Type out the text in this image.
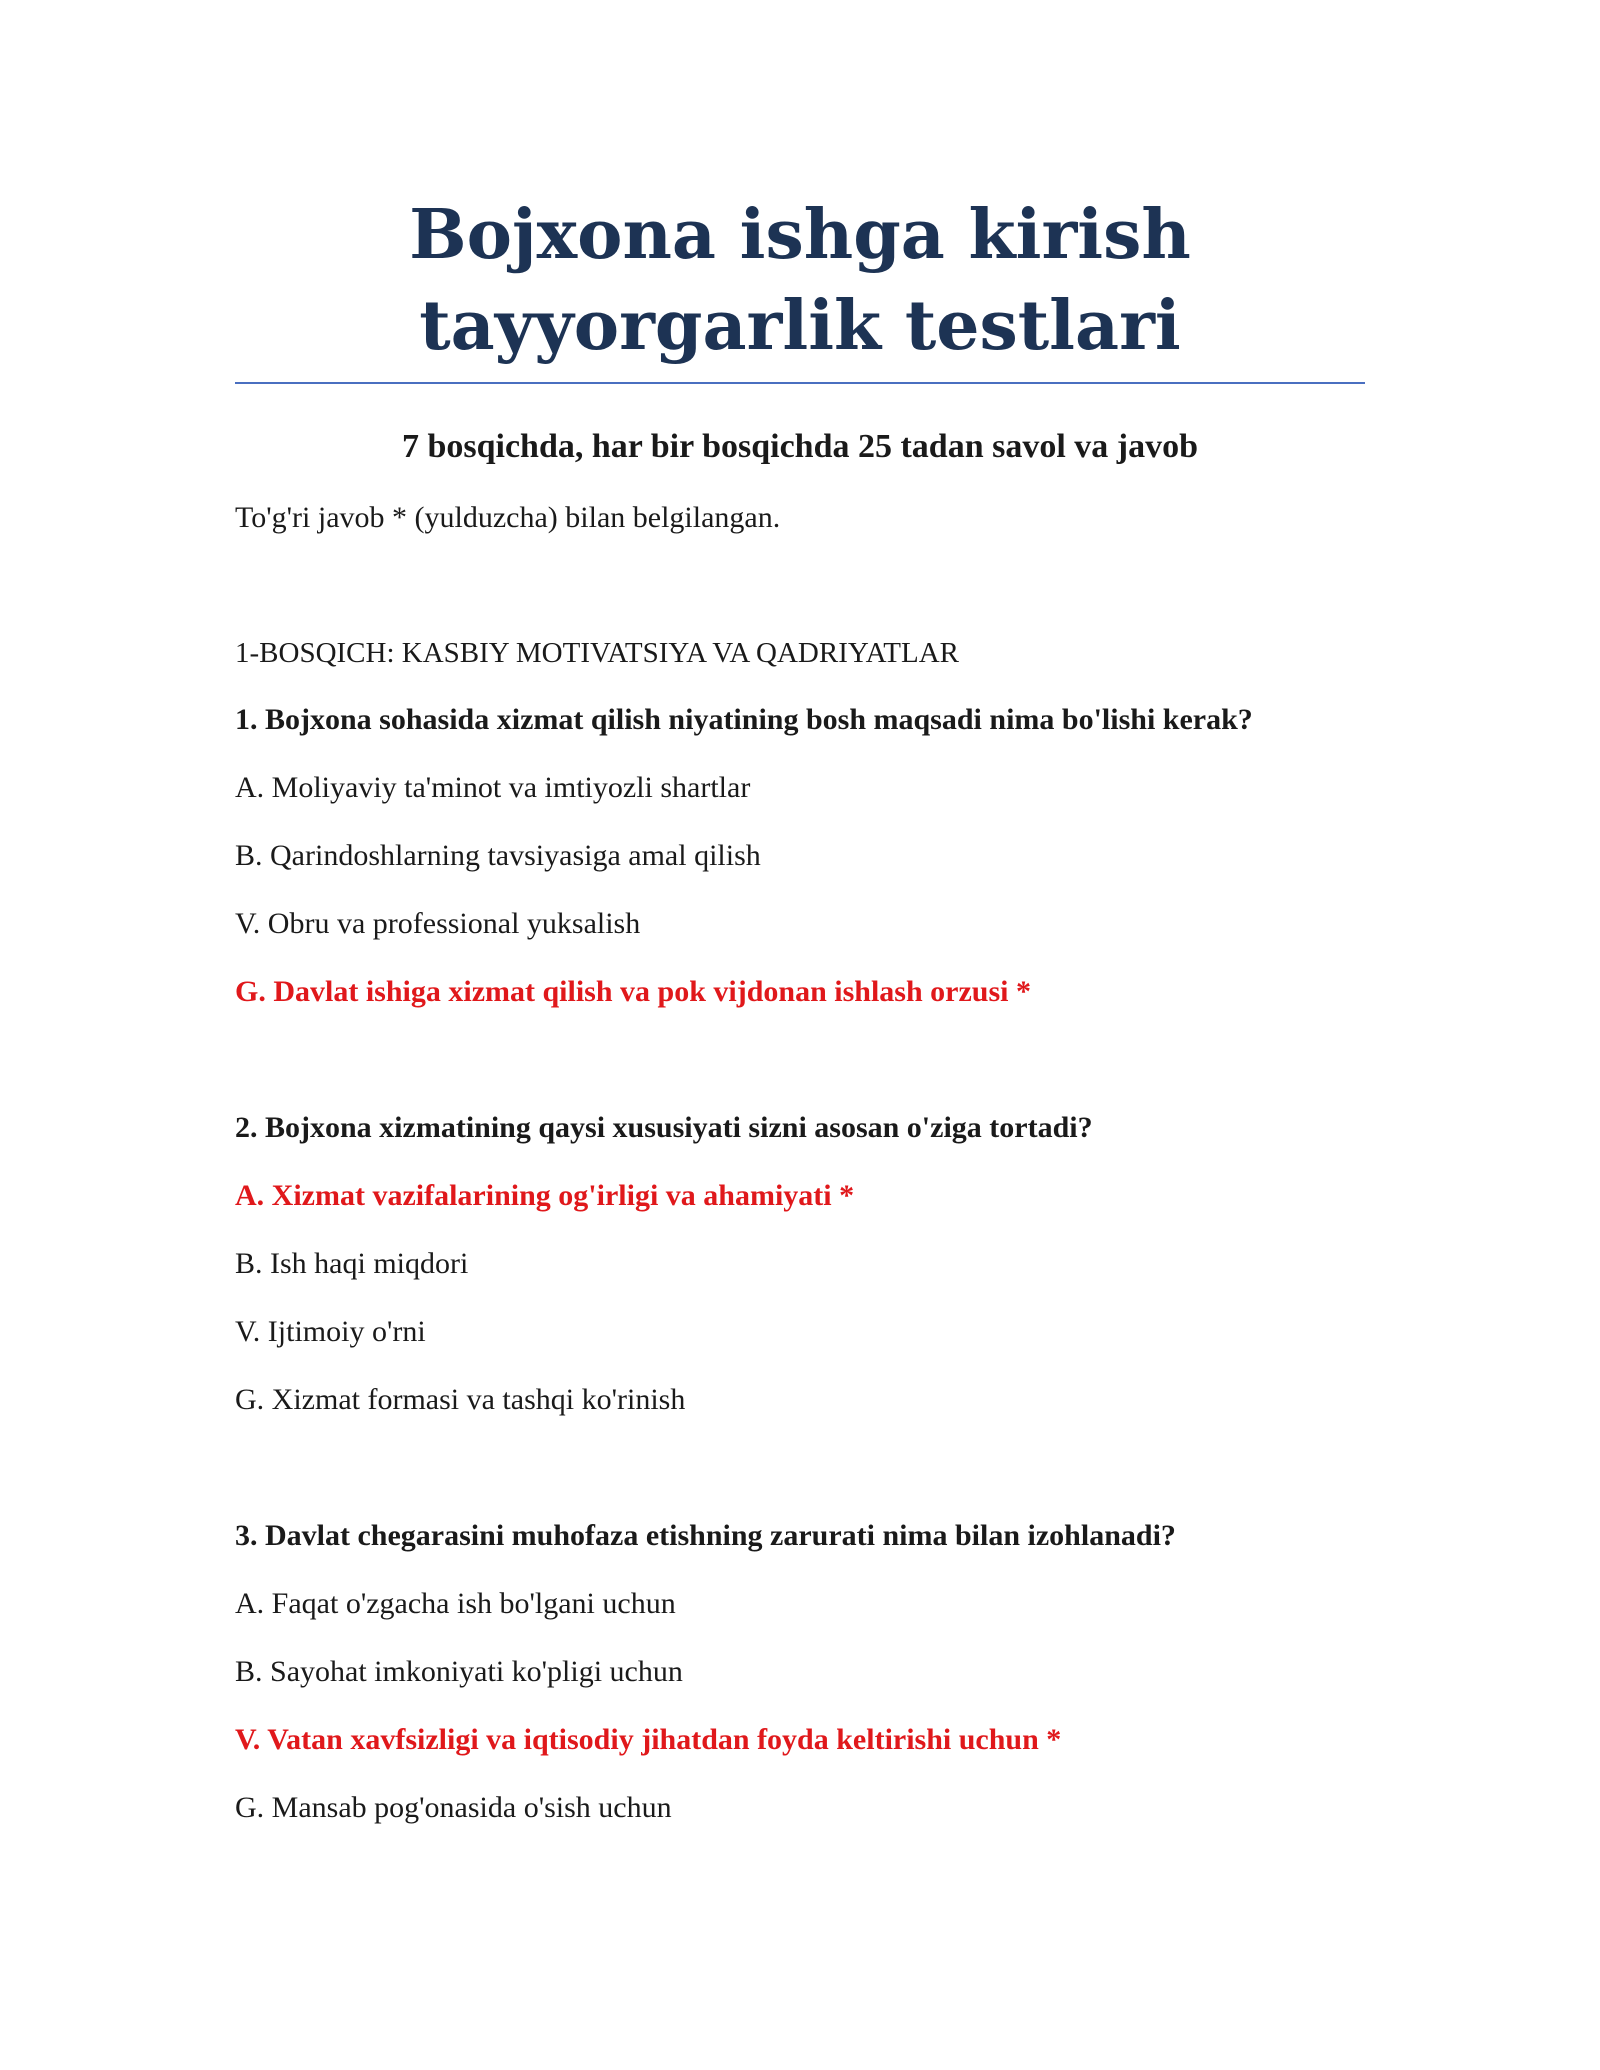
Bojxona ishga kirish
tayyorgarlik testlari

7 bosqichda, har bir bosqichda 25 tadan savol va javob

To'g'ri javob * (yulduzcha) bilan belgilangan.

1-BOSQICH: KASBIY MOTIVATSIYA VA QADRIYATLAR

1. Bojxona sohasida xizmat qilish niyatining bosh maqsadi nima bo'lishi kerak?
A. Moliyaviy ta'minot va imtiyozli shartlar
B. Qarindoshlarning tavsiyasiga amal qilish
V. Obru va professional yuksalish
G. Davlat ishiga xizmat qilish va pok vijdonan ishlash orzusi *
2. Bojxona xizmatining qaysi xususiyati sizni asosan o'ziga tortadi?
A. Xizmat vazifalarining og'irligi va ahamiyati *
B. Ish haqi miqdori
V. Ijtimoiy o'rni
G. Xizmat formasi va tashqi ko'rinish
3. Davlat chegarasini muhofaza etishning zarurati nima bilan izohlanadi?
A. Faqat o'zgacha ish bo'lgani uchun
B. Sayohat imkoniyati ko'pligi uchun
V. Vatan xavfsizligi va iqtisodiy jihatdan foyda keltirishi uchun *
G. Mansab pog'onasida o'sish uchun
